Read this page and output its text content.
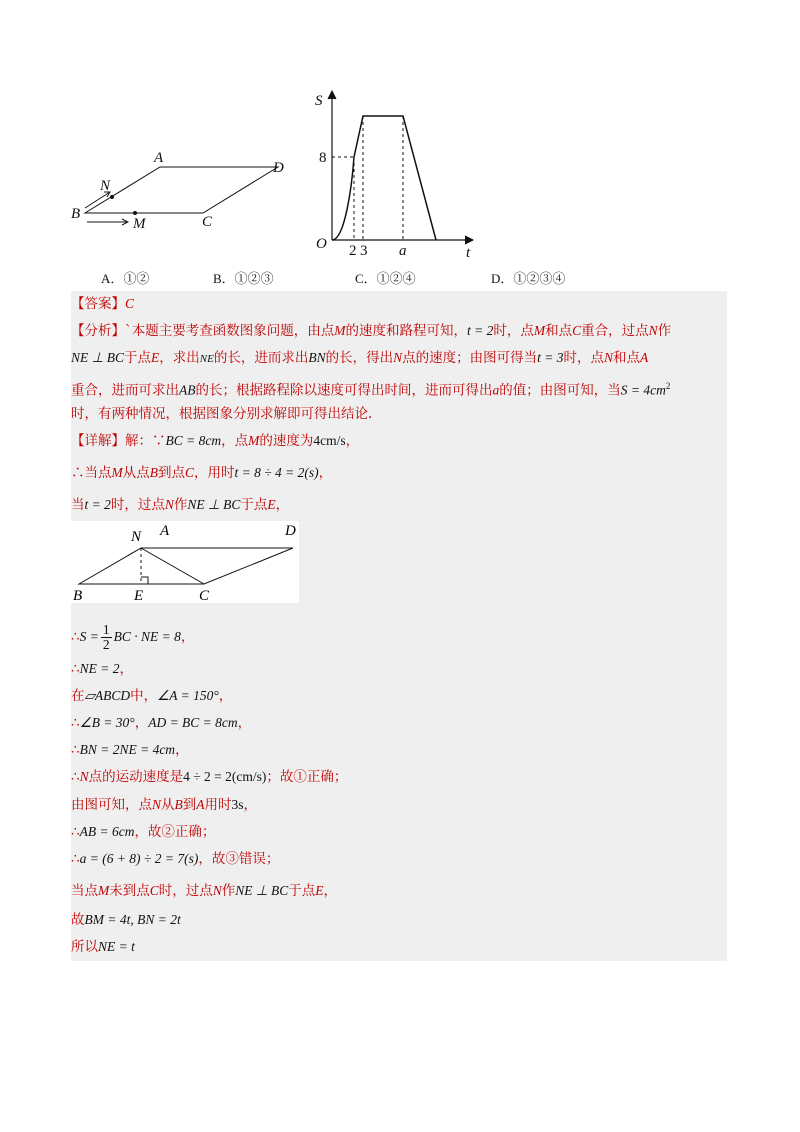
A
D
B	C
N
M
S
O
t
8
2 3 a
A．①②	B．①②③	C．①②④	D．①②③④
【答案】C
【分析】`本题主要考查函数图象问题，由点M的速度和路程可知，t = 2时，点M和点C重合，过点N作
NE ⊥ BC于点E，求出NE的长，进而求出BN的长，得出N点的速度；由图可得当t = 3时，点N和点A
重合，进而可求出AB的长；根据路程除以速度可得出时间，进而可得出a的值；由图可知，当$S = 4cm^2$
时，有两种情况，根据图象分别求解即可得出结论.
【详解】解：∵BC = 8cm，点M的速度为4cm/s，
∴当点M从点B到点C，用时t = 8 ÷ 4 = 2(s)，
当t = 2时，过点N作NE ⊥ BC于点E，
N A	D
B	E	C
∴S = $\frac{1}{2}$ BC · NE = 8，
∴NE = 2，
在▱ABCD中，∠A = 150°，
∴∠B = 30°，AD = BC = 8cm，
∴BN = 2NE = 4cm，
∴N点的运动速度是4 ÷ 2 = 2(cm/s)；故①正确；
由图可知，点N从B到A用时3s，
∴AB = 6cm，故②正确；
∴a = (6 + 8) ÷ 2 = 7(s)，故③错误；
当点M未到点C时，过点N作NE ⊥ BC于点E，
故BM = 4t, BN = 2t
所以NE = t
